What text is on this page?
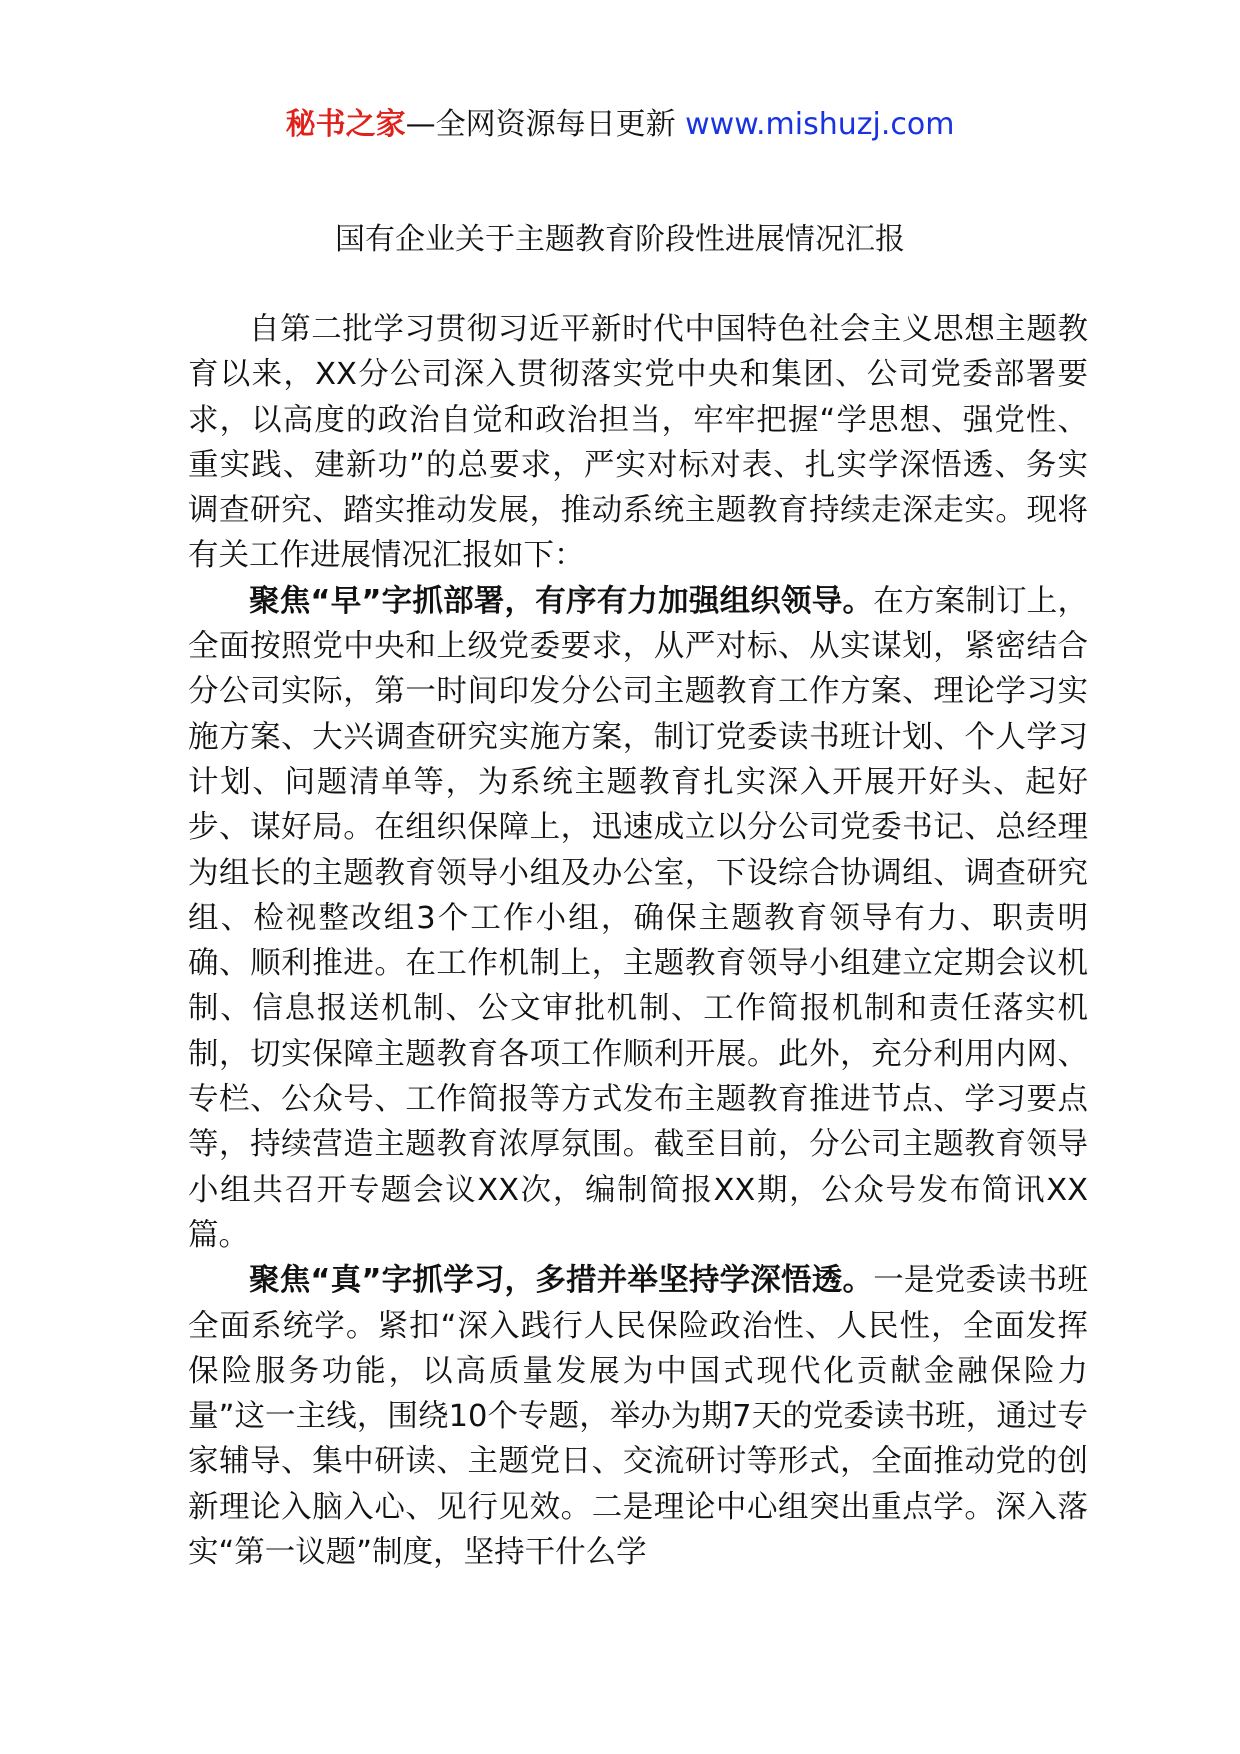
秘书之家—全网资源每日更新 www.mishuzj.com
国有企业关于主题教育阶段性进展情况汇报

自第二批学习贯彻习近平新时代中国特色社会主义思想主题教育以来，XX分公司深入贯彻落实党中央和集团、公司党委部署要求，以高度的政治自觉和政治担当，牢牢把握“学思想、强党性、重实践、建新功”的总要求，严实对标对表、扎实学深悟透、务实调查研究、踏实推动发展，推动系统主题教育持续走深走实。现将有关工作进展情况汇报如下：

聚焦“早”字抓部署，有序有力加强组织领导。在方案制订上，全面按照党中央和上级党委要求，从严对标、从实谋划，紧密结合分公司实际，第一时间印发分公司主题教育工作方案、理论学习实施方案、大兴调查研究实施方案，制订党委读书班计划、个人学习计划、问题清单等，为系统主题教育扎实深入开展开好头、起好步、谋好局。在组织保障上，迅速成立以分公司党委书记、总经理为组长的主题教育领导小组及办公室，下设综合协调组、调查研究组、检视整改组3个工作小组，确保主题教育领导有力、职责明确、顺利推进。在工作机制上，主题教育领导小组建立定期会议机制、信息报送机制、公文审批机制、工作简报机制和责任落实机制，切实保障主题教育各项工作顺利开展。此外，充分利用内网、专栏、公众号、工作简报等方式发布主题教育推进节点、学习要点等，持续营造主题教育浓厚氛围。截至目前，分公司主题教育领导小组共召开专题会议XX次，编制简报XX期，公众号发布简讯XX篇。

聚焦“真”字抓学习，多措并举坚持学深悟透。一是党委读书班全面系统学。紧扣“深入践行人民保险政治性、人民性，全面发挥保险服务功能，以高质量发展为中国式现代化贡献金融保险力量”这一主线，围绕10个专题，举办为期7天的党委读书班，通过专家辅导、集中研读、主题党日、交流研讨等形式，全面推动党的创新理论入脑入心、见行见效。二是理论中心组突出重点学。深入落实“第一议题”制度，坚持干什么学
